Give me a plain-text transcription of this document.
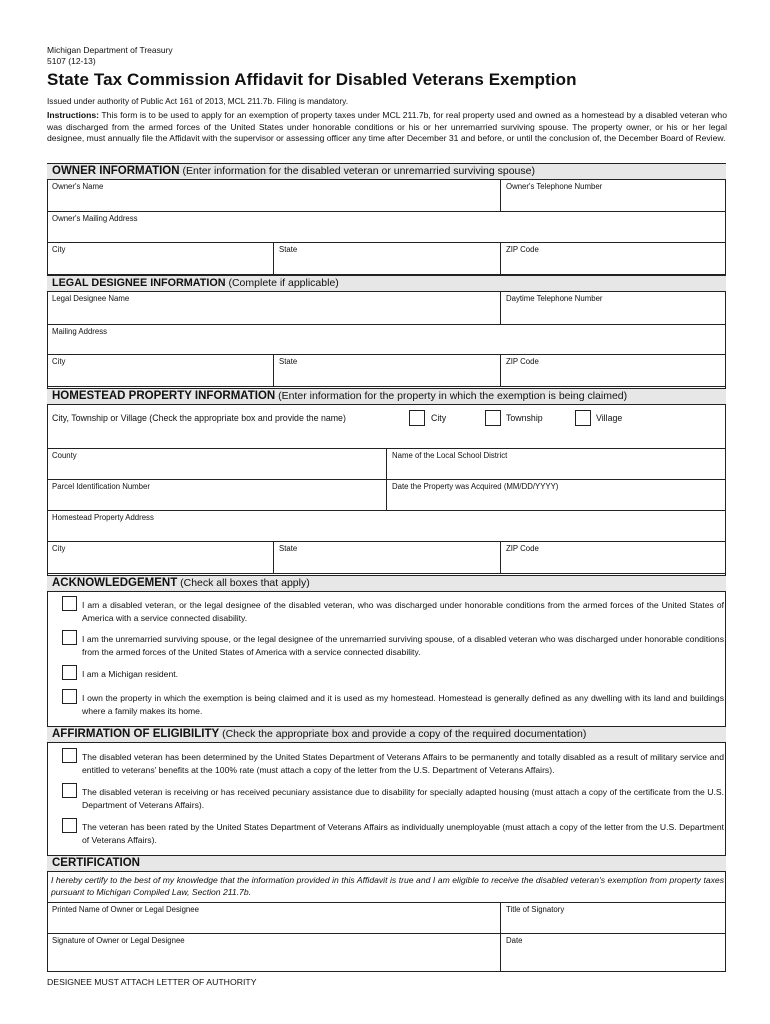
Michigan Department of Treasury
5107 (12-13)
State Tax Commission Affidavit for Disabled Veterans Exemption
Issued under authority of Public Act 161 of 2013, MCL 211.7b. Filing is mandatory.
Instructions: This form is to be used to apply for an exemption of property taxes under MCL 211.7b, for real property used and owned as a homestead by a disabled veteran who was discharged from the armed forces of the United States under honorable conditions or his or her unremarried surviving spouse. The property owner, or his or her legal designee, must annually file the Affidavit with the supervisor or assessing officer any time after December 31 and before, or until the conclusion of, the December Board of Review.
OWNER INFORMATION (Enter information for the disabled veteran or unremarried surviving spouse)
Owner's Name	Owner's Telephone Number
Owner's Mailing Address
City	State	ZIP Code
LEGAL DESIGNEE INFORMATION (Complete if applicable)
Legal Designee Name	Daytime Telephone Number
Mailing Address
City	State	ZIP Code
HOMESTEAD PROPERTY INFORMATION (Enter information for the property in which the exemption is being claimed)
City, Township or Village (Check the appropriate box and provide the name)	City	Township	Village
County	Name of the Local School District
Parcel Identification Number	Date the Property was Acquired (MM/DD/YYYY)
Homestead Property Address
City	State	ZIP Code
ACKNOWLEDGEMENT (Check all boxes that apply)
I am a disabled veteran, or the legal designee of the disabled veteran, who was discharged under honorable conditions from the armed forces of the United States of America with a service connected disability.
I am the unremarried surviving spouse, or the legal designee of the unremarried surviving spouse, of a disabled veteran who was discharged under honorable conditions from the armed forces of the United States of America with a service connected disability.
I am a Michigan resident.
I own the property in which the exemption is being claimed and it is used as my homestead. Homestead is generally defined as any dwelling with its land and buildings where a family makes its home.
AFFIRMATION OF ELIGIBILITY (Check the appropriate box and provide a copy of the required documentation)
The disabled veteran has been determined by the United States Department of Veterans Affairs to be permanently and totally disabled as a result of military service and entitled to veterans' benefits at the 100% rate (must attach a copy of the letter from the U.S. Department of Veterans Affairs).
The disabled veteran is receiving or has received pecuniary assistance due to disability for specially adapted housing (must attach a copy of the certificate from the U.S. Department of Veterans Affairs).
The veteran has been rated by the United States Department of Veterans Affairs as individually unemployable (must attach a copy of the letter from the U.S. Department of Veterans Affairs).
CERTIFICATION
I hereby certify to the best of my knowledge that the information provided in this Affidavit is true and I am eligible to receive the disabled veteran's exemption from property taxes pursuant to Michigan Compiled Law, Section 211.7b.
Printed Name of Owner or Legal Designee	Title of Signatory
Signature of Owner or Legal Designee	Date
DESIGNEE MUST ATTACH LETTER OF AUTHORITY
